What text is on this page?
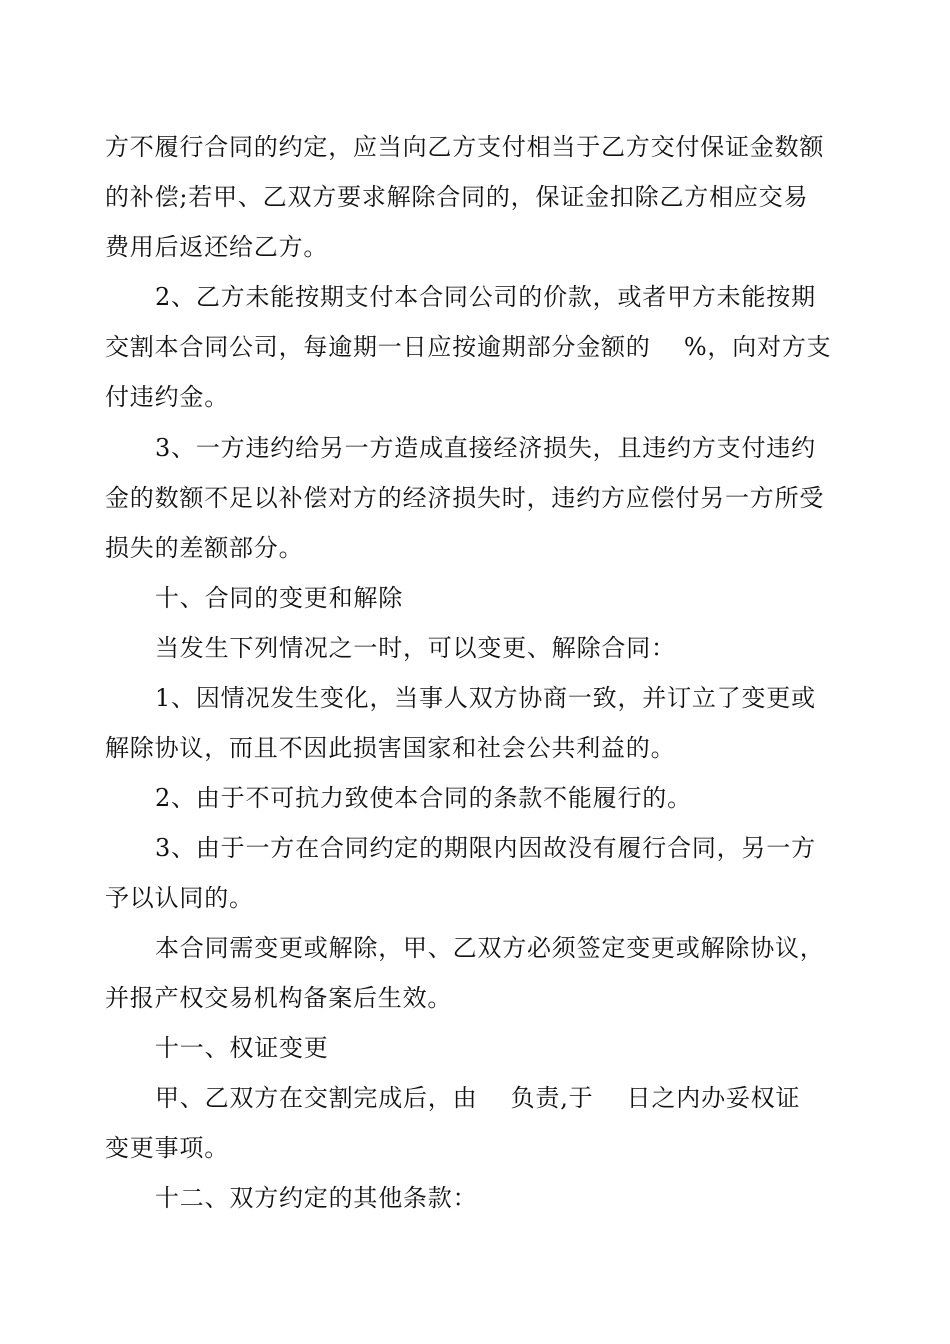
方不履行合同的约定，应当向乙方支付相当于乙方交付保证金数额
的补偿;若甲、乙双方要求解除合同的，保证金扣除乙方相应交易
费用后返还给乙方。
2、乙方未能按期支付本合同公司的价款，或者甲方未能按期
交割本合同公司，每逾期一日应按逾期部分金额的　 %，向对方支
付违约金。
3、一方违约给另一方造成直接经济损失，且违约方支付违约
金的数额不足以补偿对方的经济损失时，违约方应偿付另一方所受
损失的差额部分。
十、合同的变更和解除
当发生下列情况之一时，可以变更、解除合同：
1、因情况发生变化，当事人双方协商一致，并订立了变更或
解除协议，而且不因此损害国家和社会公共利益的。
2、由于不可抗力致使本合同的条款不能履行的。
3、由于一方在合同约定的期限内因故没有履行合同，另一方
予以认同的。
本合同需变更或解除，甲、乙双方必须签定变更或解除协议，
并报产权交易机构备案后生效。
十一、权证变更
甲、乙双方在交割完成后，由　 负责,于　 日之内办妥权证
变更事项。
十二、双方约定的其他条款：
